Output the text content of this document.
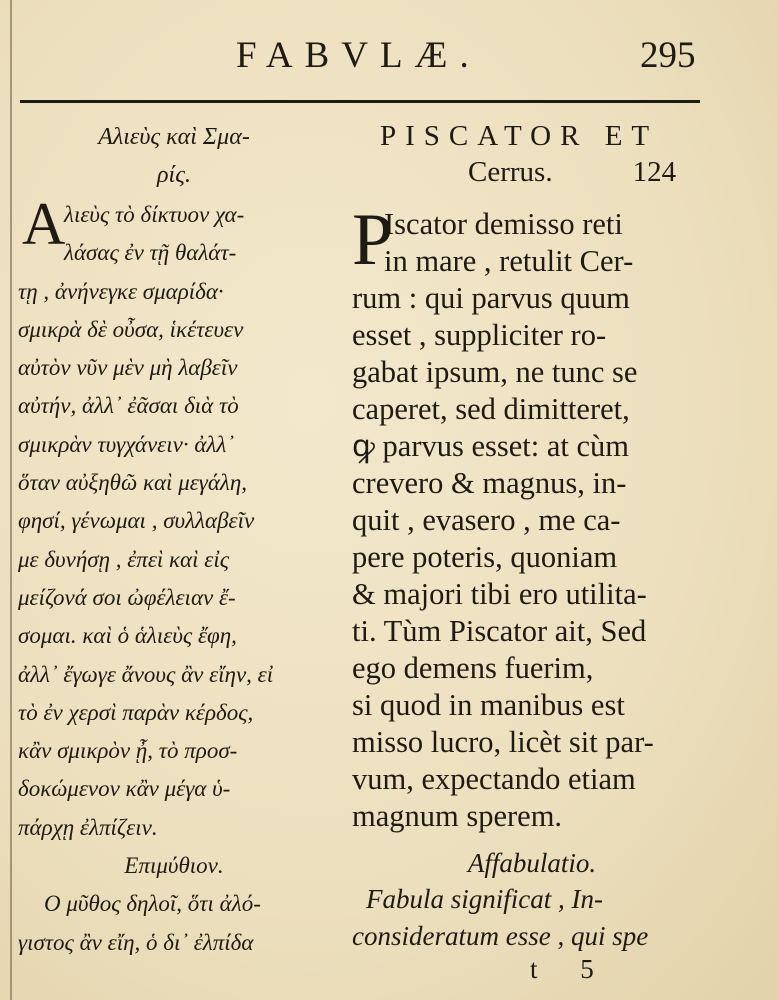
FABVLÆ.	295
Αλιεὺς καὶ Σμα-
ρίς.
Α
λιεὺς τὸ δίκτυον χα-
λάσας ἐν τῇ θαλάτ-
τῃ , ἀνήνεγκε σμαρίδα·
σμικρὰ δὲ οὖσα, ἱκέτευεν
αὐτὸν νῦν μὲν μὴ λαβεῖν
αὐτήν, ἀλλ᾽ ἐᾶσαι διὰ τὸ
σμικρὰν τυγχάνειν· ἀλλ᾽
ὅταν αὐξηθῶ καὶ μεγάλη,
φησί, γένωμαι , συλλαβεῖν
με δυνήσῃ , ἐπεὶ καὶ εἰς
μείζονά σοι ὠφέλειαν ἔ-
σομαι. καὶ ὁ ἁλιεὺς ἔφη,
ἀλλ᾽ ἔγωγε ἄνους ἂν εἴην, εἰ
τὸ ἐν χερσὶ παρὰν κέρδος,
κἂν σμικρὸν ᾖ, τὸ προσ-
δοκώμενον κἂν μέγα ὑ-
πάρχῃ ἐλπίζειν.
Επιμύθιον.
Ο μῦθος δηλοῖ, ὅτι ἀλό-
γιστος ἂν εἴη, ὁ δι᾽ ἐλπίδα
PISCATOR ET
Cerrus.	124
P
Iscator demisso reti
in mare , retulit Cer-
rum : qui parvus quum
esset , suppliciter ro-
gabat ipsum, ne tunc se
caperet, sed dimitteret,
ꝙ parvus esset: at cùm
crevero & magnus, in-
quit , evasero , me ca-
pere poteris, quoniam
& majori tibi ero utilita-
ti. Tùm Piscator ait, Sed
ego demens fuerim,
si quod in manibus est
misso lucro, licèt sit par-
vum, expectando etiam
magnum sperem.
Affabulatio.
Fabula significat , In-
consideratum esse , qui spe
t 5
